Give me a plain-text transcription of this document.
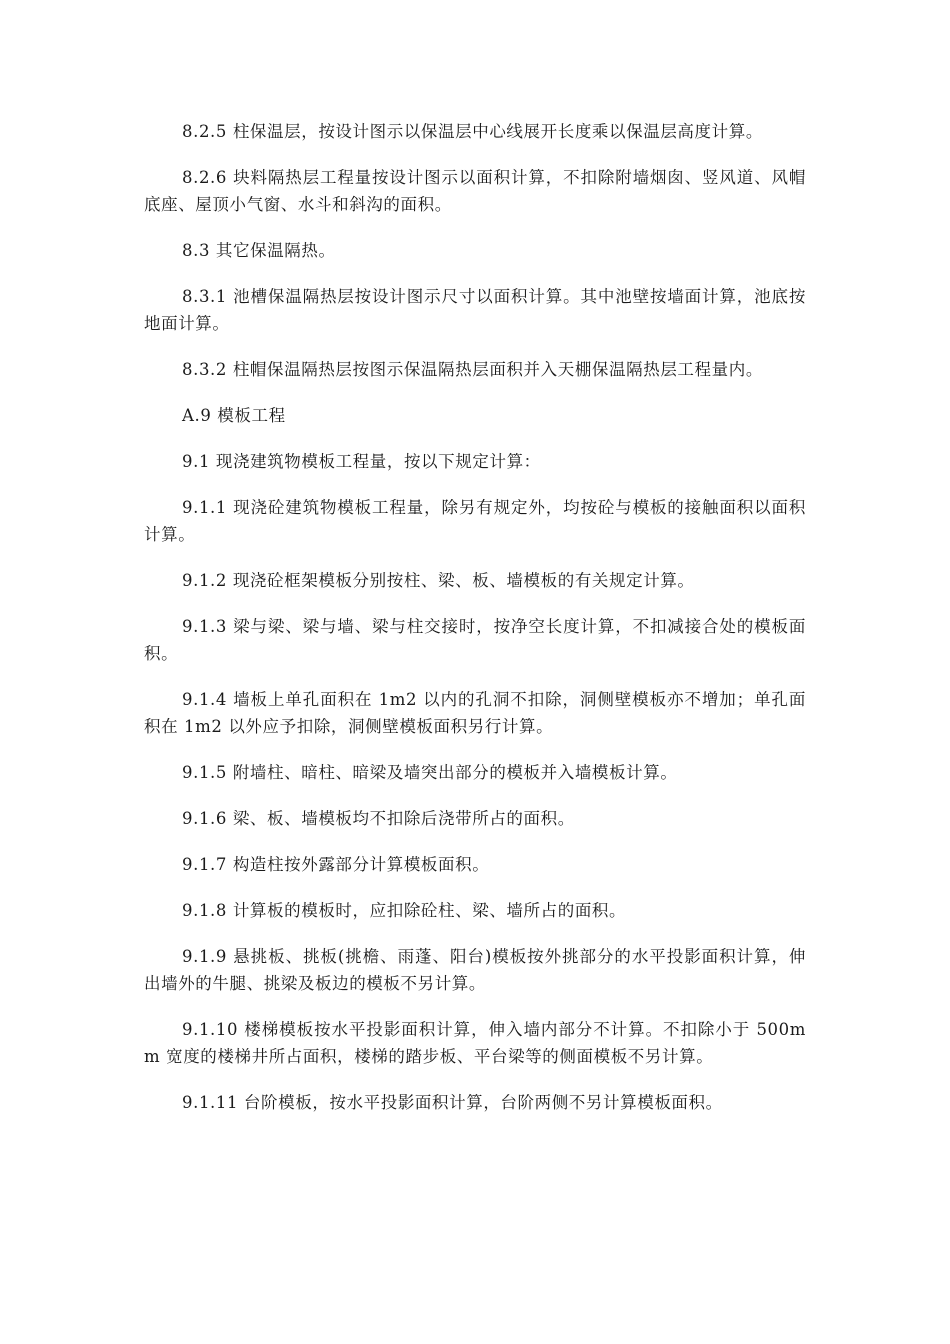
8.2.5 柱保温层，按设计图示以保温层中心线展开长度乘以保温层高度计算。

8.2.6 块料隔热层工程量按设计图示以面积计算，不扣除附墙烟囱、竖风道、风帽底座、屋顶小气窗、水斗和斜沟的面积。

8.3 其它保温隔热。

8.3.1 池槽保温隔热层按设计图示尺寸以面积计算。其中池壁按墙面计算，池底按地面计算。

8.3.2 柱帽保温隔热层按图示保温隔热层面积并入天棚保温隔热层工程量内。

A.9 模板工程

9.1 现浇建筑物模板工程量，按以下规定计算：

9.1.1 现浇砼建筑物模板工程量，除另有规定外，均按砼与模板的接触面积以面积计算。

9.1.2 现浇砼框架模板分别按柱、梁、板、墙模板的有关规定计算。

9.1.3 梁与梁、梁与墙、梁与柱交接时，按净空长度计算，不扣减接合处的模板面积。

9.1.4 墙板上单孔面积在 1m2 以内的孔洞不扣除，洞侧壁模板亦不增加；单孔面积在 1m2 以外应予扣除，洞侧壁模板面积另行计算。

9.1.5 附墙柱、暗柱、暗梁及墙突出部分的模板并入墙模板计算。

9.1.6 梁、板、墙模板均不扣除后浇带所占的面积。

9.1.7 构造柱按外露部分计算模板面积。

9.1.8 计算板的模板时，应扣除砼柱、梁、墙所占的面积。

9.1.9 悬挑板、挑板(挑檐、雨蓬、阳台)模板按外挑部分的水平投影面积计算，伸出墙外的牛腿、挑梁及板边的模板不另计算。

9.1.10 楼梯模板按水平投影面积计算，伸入墙内部分不计算。不扣除小于 500mm 宽度的楼梯井所占面积，楼梯的踏步板、平台梁等的侧面模板不另计算。

9.1.11 台阶模板，按水平投影面积计算，台阶两侧不另计算模板面积。
